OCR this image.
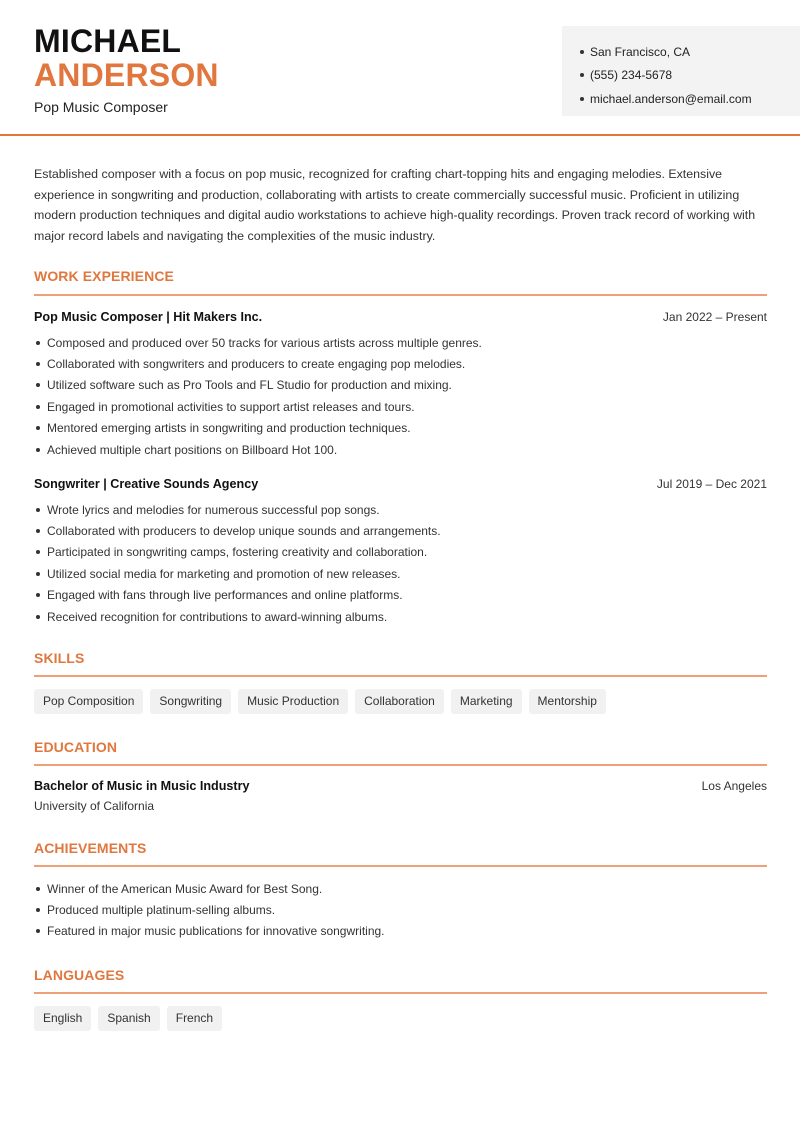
MICHAEL
ANDERSON
Pop Music Composer
San Francisco, CA
(555) 234-5678
michael.anderson@email.com

Established composer with a focus on pop music, recognized for crafting chart-topping hits and engaging melodies. Extensive experience in songwriting and production, collaborating with artists to create commercially successful music. Proficient in utilizing modern production techniques and digital audio workstations to achieve high-quality recordings. Proven track record of working with major record labels and navigating the complexities of the music industry.

WORK EXPERIENCE
Pop Music Composer | Hit Makers Inc.	Jan 2022 – Present
Composed and produced over 50 tracks for various artists across multiple genres.
Collaborated with songwriters and producers to create engaging pop melodies.
Utilized software such as Pro Tools and FL Studio for production and mixing.
Engaged in promotional activities to support artist releases and tours.
Mentored emerging artists in songwriting and production techniques.
Achieved multiple chart positions on Billboard Hot 100.
Songwriter | Creative Sounds Agency	Jul 2019 – Dec 2021
Wrote lyrics and melodies for numerous successful pop songs.
Collaborated with producers to develop unique sounds and arrangements.
Participated in songwriting camps, fostering creativity and collaboration.
Utilized social media for marketing and promotion of new releases.
Engaged with fans through live performances and online platforms.
Received recognition for contributions to award-winning albums.
SKILLS
Pop Composition	Songwriting	Music Production	Collaboration	Marketing	Mentorship
EDUCATION
Bachelor of Music in Music Industry	Los Angeles
University of California
ACHIEVEMENTS
Winner of the American Music Award for Best Song.
Produced multiple platinum-selling albums.
Featured in major music publications for innovative songwriting.
LANGUAGES
English	Spanish	French
